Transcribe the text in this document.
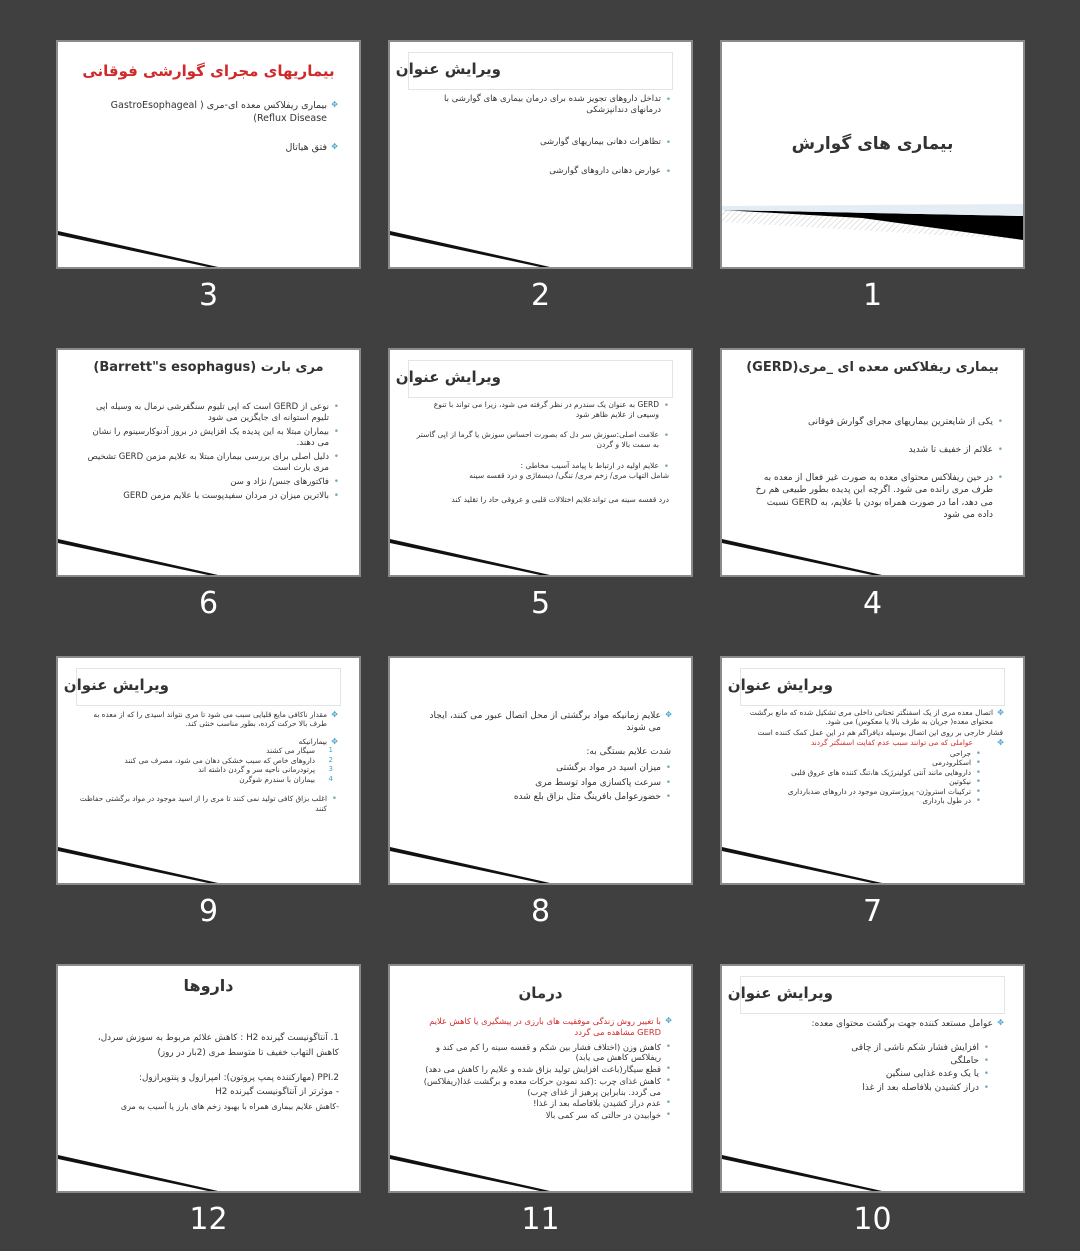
بیماری های گوارش
1
ویرایش عنوان
• تداخل داروهای تجویز شده برای درمان بیماری های گوارشی با درمانهای دندانپزشکی
• تظاهرات دهانی بیماریهای گوارشی
• عوارض دهانی داروهای گوارشی
2
بیماریهای مجرای گوارشی فوقانی
✥ بیماری ریفلاکس معده ای-مری ( GastroEsophageal Reflux Disease)
✥ فتق هیاتال
3
بیماری ریفلاکس معده ای _مری(GERD)
• یکی از شایعترین بیماریهای مجرای گوارش فوقانی
• علائم از خفیف تا شدید
• در حین ریفلاکس محتوای معده به صورت غیر فعال از معده به طرف مری رانده می شود. اگرچه این پدیده بطور طبیعی هم رخ می دهد، اما در صورت همراه بودن با علایم، به GERD نسبت داده می شود
4
ویرایش عنوان
• GERD به عنوان یک سندرم در نظر گرفته می شود، زیرا می تواند با تنوع وسیعی از علایم ظاهر شود
• علامت اصلی:سوزش سر دل که بصورت احساس سوزش یا گرما از اپی گاستر به سمت بالا و گردن
• علایم اولیه در ارتباط با پیامد آسیب مخاطی :

شامل التهاب مری/ زخم مری/ تنگی/ دیسفاژی و درد قفسه سینه

درد قفسه سینه می تواندعلایم اختلالات قلبی و عروقی حاد را تقلید کند

5
مری بارت (Barrett"s esophagus)
• نوعی از GERD است که اپی تلیوم سنگفرشی نرمال به وسیله اپی تلیوم استوانه ای جایگزین می شود
• بیماران مبتلا به این پدیده یک افزایش در بروز آدنوکارسینوم را نشان می دهند.
• دلیل اصلی برای بررسی بیماران مبتلا به علایم مزمن GERD تشخیص مری بارت است
• فاکتورهای جنس/ نژاد و سن
• بالاترین میزان در مردان سفیدپوست با علایم مزمن GERD
6
ویرایش عنوان
✥ اتصال معده مری از یک اسفنگتر تحتانی داخلی مری تشکیل شده که مانع برگشت محتوای معده( جریان به طرف بالا یا معکوس) می شود.

فشار خارجی بر روی این اتصال بوسیله دیافراگم هم در این عمل کمک کننده است

✥ عواملی که می توانند سبب عدم کفایت اسفنگتر گردند
• جراحی
• اسکلرودرمی
• داروهایی مانند آنتی کولینرژیک ها،تنگ کننده های عروق قلبی
• نیکوتین
• ترکیبات استروژن- پروژسترون موجود در داروهای ضدبارداری
• در طول بارداری
7
✥ علایم زمانیکه مواد برگشتی از محل اتصال عبور می کنند، ایجاد می شوند

شدت علایم بستگی به:

• میزان اسید در مواد برگشتی
• سرعت پاکسازی مواد توسط مری
• حضورعوامل بافرینگ مثل بزاق بلع شده
8
ویرایش عنوان
✥ مقدار ناکافی مایع قلیایی سبب می شود تا مری نتواند اسیدی را که از معده به طرف بالا حرکت کرده، بطور مناسب خنثی کند.
✥ بیمارانیکه
1
سیگار می کشند
2
داروهای خاص که سبب خشکی دهان می شود، مصرف می کنند
3
پرتودرمانی ناحیه سر و گردن داشته اند
4
بیماران با سندرم شوگرن
• اغلب بزاق کافی تولید نمی کنند تا مری را از اسید موجود در مواد برگشتی حفاظت کنند
9
ویرایش عنوان
✥ عوامل مستعد کننده جهت برگشت محتوای معده:
• افزایش فشار شکم ناشی از چاقی
• حاملگی
• یا یک وعده غذایی سنگین
• دراز کشیدن بلافاصله بعد از غذا
10
درمان
✥ با تغییر روش زندگی موفقیت های بارزی در پیشگیری یا کاهش علایم GERD مشاهده می گردد
• کاهش وزن (اختلاف فشار بین شکم و قفسه سینه را کم می کند و ریفلاکس کاهش می یابد)
• قطع سیگار(باعث افزایش تولید بزاق شده و علایم را کاهش می دهد)
• کاهش غذای چرب :(کند نمودن حرکات معده و برگشت غذا(ریفلاکس) می گردد. بنابراین پرهیز از غذای چرب)
• عدم دراز کشیدن بلافاصله بعد از غذا!
• خوابیدن در حالتی که سر کمی بالا
11
داروها

1. آنتاگونیست گیرنده H2 : کاهش علائم مربوط به سوزش سردل،

کاهش التهاب خفیف تا متوسط مری (2بار در روز)

PPI.2 (مهارکننده پمپ پروتون): امپرازول و پنتوپرازول:

- موثرتر از آنتاگونیست گیرنده H2

-کاهش علایم بیماری همراه با بهبود زخم های بارز یا آسیب به مری

12
